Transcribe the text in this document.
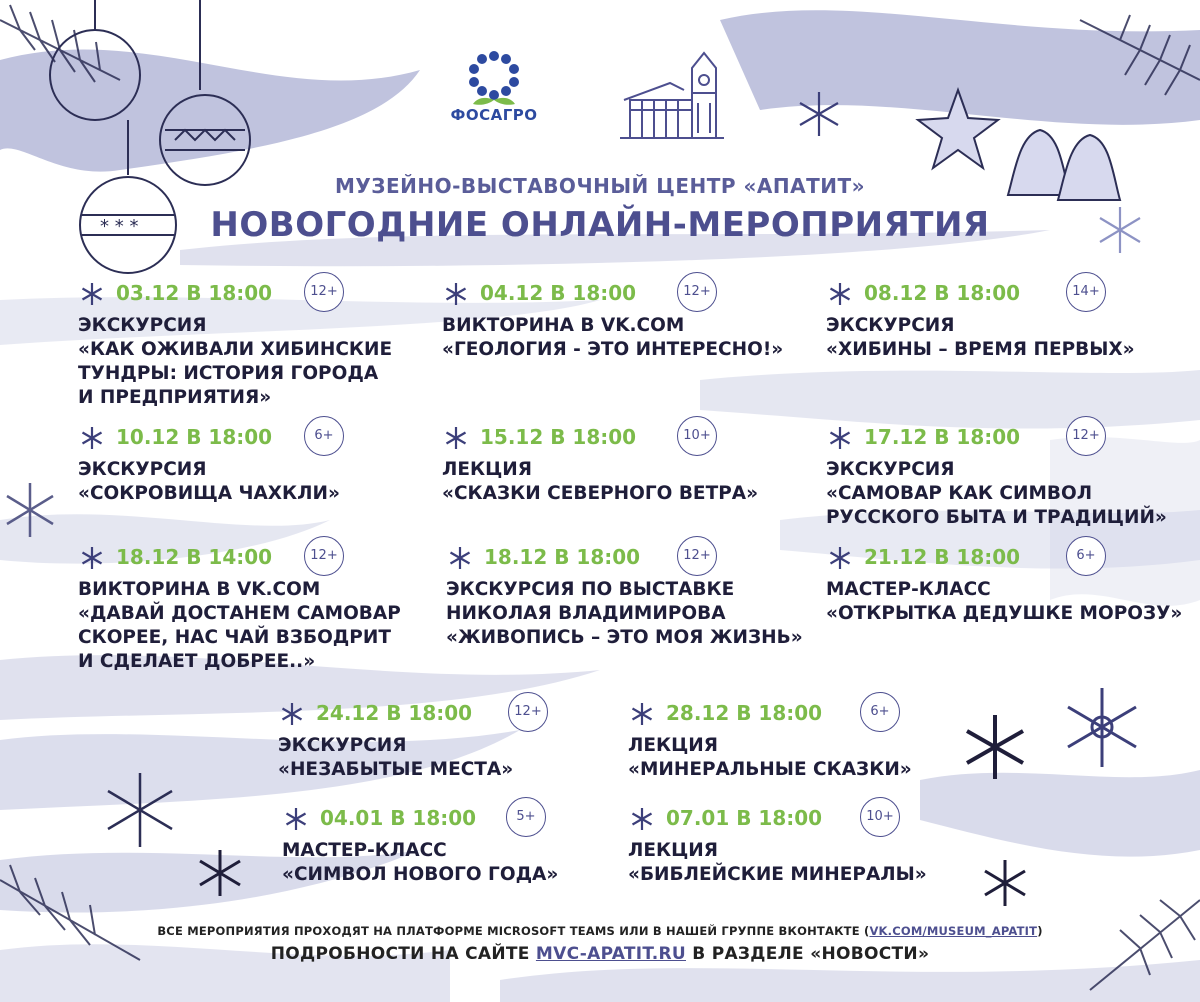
* * *
ФОСАГРО
МУЗЕЙНО-ВЫСТАВОЧНЫЙ ЦЕНТР «АПАТИТ»
НОВОГОДНИЕ ОНЛАЙН-МЕРОПРИЯТИЯ
03.12 В 18:00	12+
ЭКСКУРСИЯ
«КАК ОЖИВАЛИ ХИБИНСКИЕ
ТУНДРЫ: ИСТОРИЯ ГОРОДА
И ПРЕДПРИЯТИЯ»
04.12 В 18:00	12+
ВИКТОРИНА В VK.COM
«ГЕОЛОГИЯ - ЭТО ИНТЕРЕСНО!»
08.12 В 18:00	14+
ЭКСКУРСИЯ
«ХИБИНЫ – ВРЕМЯ ПЕРВЫХ»
10.12 В 18:00	6+
ЭКСКУРСИЯ
«СОКРОВИЩА ЧАХКЛИ»
15.12 В 18:00	10+
ЛЕКЦИЯ
«СКАЗКИ СЕВЕРНОГО ВЕТРА»
17.12 В 18:00	12+
ЭКСКУРСИЯ
«САМОВАР КАК СИМВОЛ
РУССКОГО БЫТА И ТРАДИЦИЙ»
18.12 В 14:00	12+
ВИКТОРИНА В VK.COM
«ДАВАЙ ДОСТАНЕМ САМОВАР
СКОРЕЕ, НАС ЧАЙ ВЗБОДРИТ
И СДЕЛАЕТ ДОБРЕЕ..»
18.12 В 18:00	12+
ЭКСКУРСИЯ ПО ВЫСТАВКЕ
НИКОЛАЯ ВЛАДИМИРОВА
«ЖИВОПИСЬ – ЭТО МОЯ ЖИЗНЬ»
21.12 В 18:00	6+
МАСТЕР-КЛАСС
«ОТКРЫТКА ДЕДУШКЕ МОРОЗУ»
24.12 В 18:00	12+
ЭКСКУРСИЯ
«НЕЗАБЫТЫЕ МЕСТА»
28.12 В 18:00	6+
ЛЕКЦИЯ
«МИНЕРАЛЬНЫЕ СКАЗКИ»
04.01 В 18:00	5+
МАСТЕР-КЛАСС
«СИМВОЛ НОВОГО ГОДА»
07.01 В 18:00	10+
ЛЕКЦИЯ
«БИБЛЕЙСКИЕ МИНЕРАЛЫ»
ВСЕ МЕРОПРИЯТИЯ ПРОХОДЯТ НА ПЛАТФОРМЕ MICROSOFT TEAMS ИЛИ В НАШЕЙ ГРУППЕ ВКОНТАКТЕ (VK.COM/MUSEUM_APATIT)
ПОДРОБНОСТИ НА САЙТЕ MVC-APATIT.RU В РАЗДЕЛЕ «НОВОСТИ»
